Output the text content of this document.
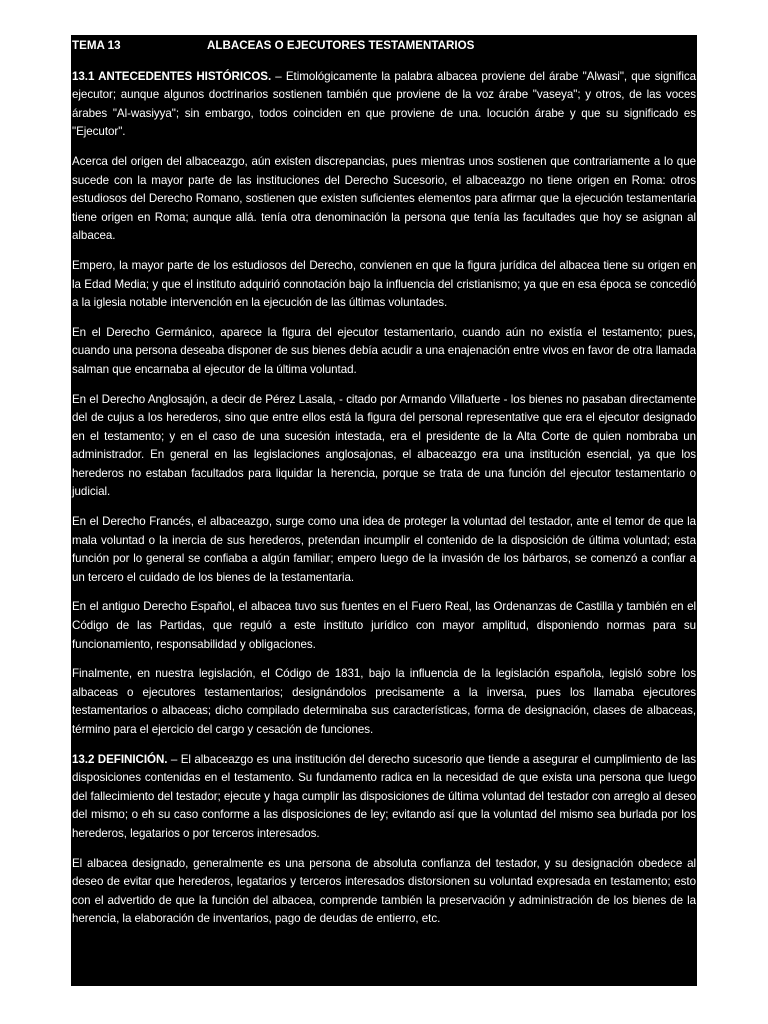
TEMA 13	ALBACEAS O EJECUTORES TESTAMENTARIOS

13.1 ANTECEDENTES HISTÓRICOS. – Etimológicamente la palabra albacea proviene del árabe "Alwasi", que significa ejecutor; aunque algunos doctrinarios sostienen también que proviene de la voz árabe "vaseya"; y otros, de las voces árabes "Al-wasiyya"; sin embargo, todos coinciden en que proviene de una. locución árabe y que su significado es "Ejecutor".

Acerca del origen del albaceazgo, aún existen discrepancias, pues mientras unos sostienen que contrariamente a lo que sucede con la mayor parte de las instituciones del Derecho Sucesorio, el albaceazgo no tiene origen en Roma: otros estudiosos del Derecho Romano, sostienen que existen suficientes elementos para afirmar que la ejecución testamentaria tiene origen en Roma; aunque allá. tenía otra denominación la persona que tenía las facultades que hoy se asignan al albacea.

Empero, la mayor parte de los estudiosos del Derecho, convienen en que la figura jurídica del albacea tiene su origen en la Edad Media; y que el instituto adquirió connotación bajo la influencia del cristianismo; ya que en esa época se concedió a la iglesia notable intervención en la ejecución de las últimas voluntades.

En el Derecho Germánico, aparece la figura del ejecutor testamentario, cuando aún no existía el testamento; pues, cuando una persona deseaba disponer de sus bienes debía acudir a una enajenación entre vivos en favor de otra llamada salman que encarnaba al ejecutor de la última voluntad.

En el Derecho Anglosajón, a decir de Pérez Lasala, - citado por Armando Villafuerte - los bienes no pasaban directamente del de cujus a los herederos, sino que entre ellos está la figura del personal representative que era el ejecutor designado en el testamento; y en el caso de una sucesión intestada, era el presidente de la Alta Corte de quien nombraba un administrador. En general en las legislaciones anglosajonas, el albaceazgo era una institución esencial, ya que los herederos no estaban facultados para liquidar la herencia, porque se trata de una función del ejecutor testamentario o judicial.

En el Derecho Francés, el albaceazgo, surge como una idea de proteger la voluntad del testador, ante el temor de que la mala voluntad o la inercia de sus herederos, pretendan incumplir el contenido de la disposición de última voluntad; esta función por lo general se confiaba a algún familiar; empero luego de la invasión de los bárbaros, se comenzó a confiar a un tercero el cuidado de los bienes de la testamentaria.

En el antiguo Derecho Español, el albacea tuvo sus fuentes en el Fuero Real, las Ordenanzas de Castilla y también en el Código de las Partidas, que reguló a este instituto jurídico con mayor amplitud, disponiendo normas para su funcionamiento, responsabilidad y obligaciones.

Finalmente, en nuestra legislación, el Código de 1831, bajo la influencia de la legislación española, legisló sobre los albaceas o ejecutores testamentarios; designándolos precisamente a la inversa, pues los llamaba ejecutores testamentarios o albaceas; dicho compilado determinaba sus características, forma de designación, clases de albaceas, término para el ejercicio del cargo y cesación de funciones.

13.2 DEFINICIÓN. – El albaceazgo es una institución del derecho sucesorio que tiende a asegurar el cumplimiento de las disposiciones contenidas en el testamento. Su fundamento radica en la necesidad de que exista una persona que luego del fallecimiento del testador; ejecute y haga cumplir las disposiciones de última voluntad del testador con arreglo al deseo del mismo; o eh su caso conforme a las disposiciones de ley; evitando así que la voluntad del mismo sea burlada por los herederos, legatarios o por terceros interesados.

El albacea designado, generalmente es una persona de absoluta confianza del testador, y su designación obedece al deseo de evitar que herederos, legatarios y terceros interesados distorsionen su voluntad expresada en testamento; esto con el advertido de que la función del albacea, comprende también la preservación y administración de los bienes de la herencia, la elaboración de inventarios, pago de deudas de entierro, etc.
